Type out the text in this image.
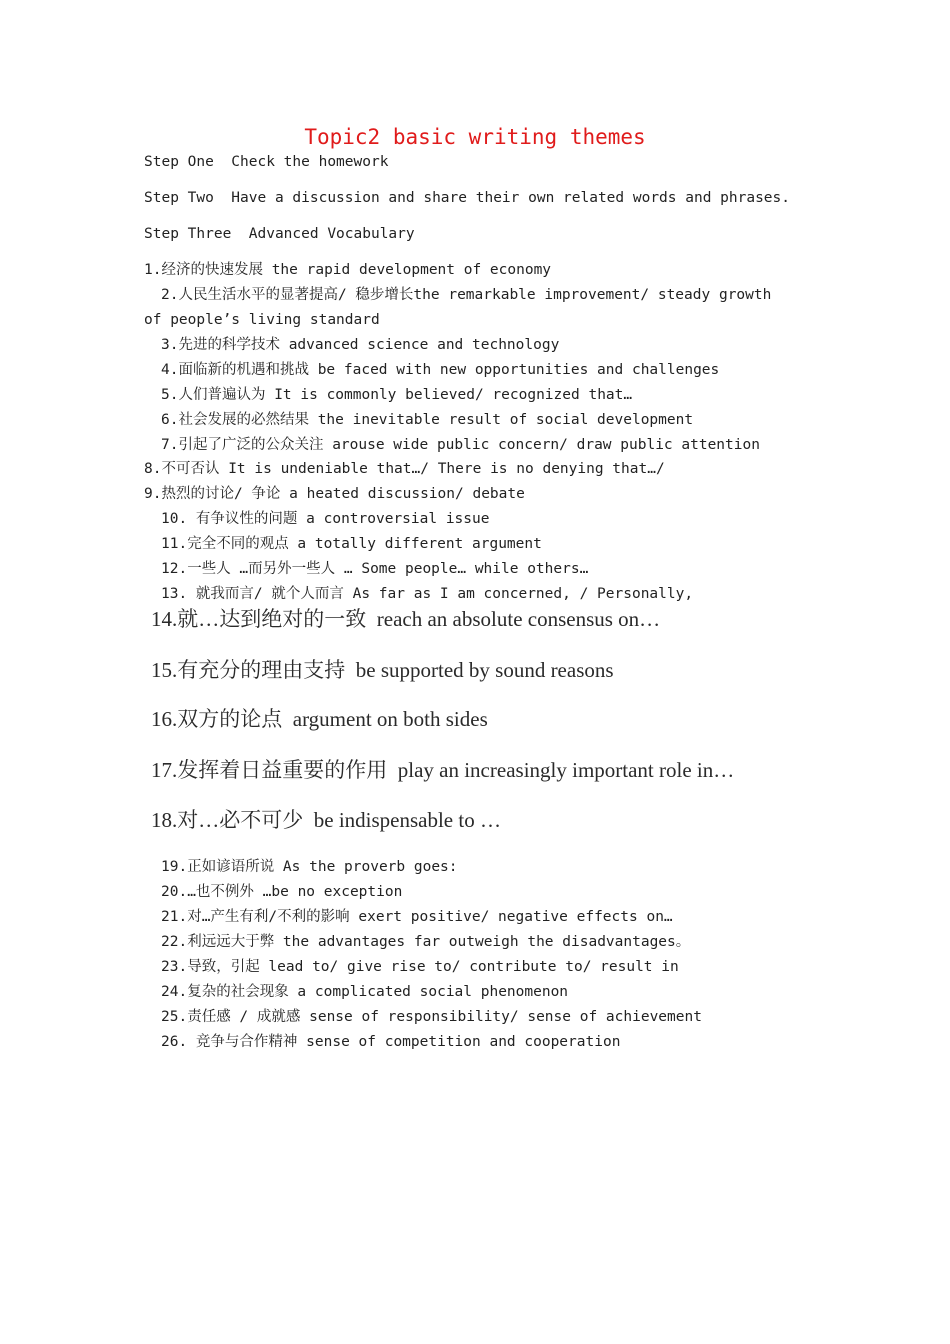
Topic2 basic writing themes
Step One  Check the homework
Step Two  Have a discussion and share their own related words and phrases.
Step Three  Advanced Vocabulary
1.经济的快速发展 the rapid development of economy
2.人民生活水平的显著提高/ 稳步增长the remarkable improvement/ steady growth
of people’s living standard
3.先进的科学技术 advanced science and technology
4.面临新的机遇和挑战 be faced with new opportunities and challenges
5.人们普遍认为 It is commonly believed/ recognized that…
6.社会发展的必然结果 the inevitable result of social development
7.引起了广泛的公众关注 arouse wide public concern/ draw public attention
8.不可否认 It is undeniable that…/ There is no denying that…/
9.热烈的讨论/ 争论 a heated discussion/ debate
10. 有争议性的问题 a controversial issue
11.完全不同的观点 a totally different argument
12.一些人 …而另外一些人 … Some people… while others…
13. 就我而言/ 就个人而言 As far as I am concerned, / Personally,
14.就…达到绝对的一致  reach an absolute consensus on…
15.有充分的理由支持  be supported by sound reasons
16.双方的论点  argument on both sides
17.发挥着日益重要的作用  play an increasingly important role in…
18.对…必不可少  be indispensable to …
19.正如谚语所说 As the proverb goes:
20.…也不例外 …be no exception
21.对…产生有利/不利的影响 exert positive/ negative effects on…
22.利远远大于弊 the advantages far outweigh the disadvantages。
23.导致，引起 lead to/ give rise to/ contribute to/ result in
24.复杂的社会现象 a complicated social phenomenon
25.责任感 / 成就感 sense of responsibility/ sense of achievement
26. 竞争与合作精神 sense of competition and cooperation
